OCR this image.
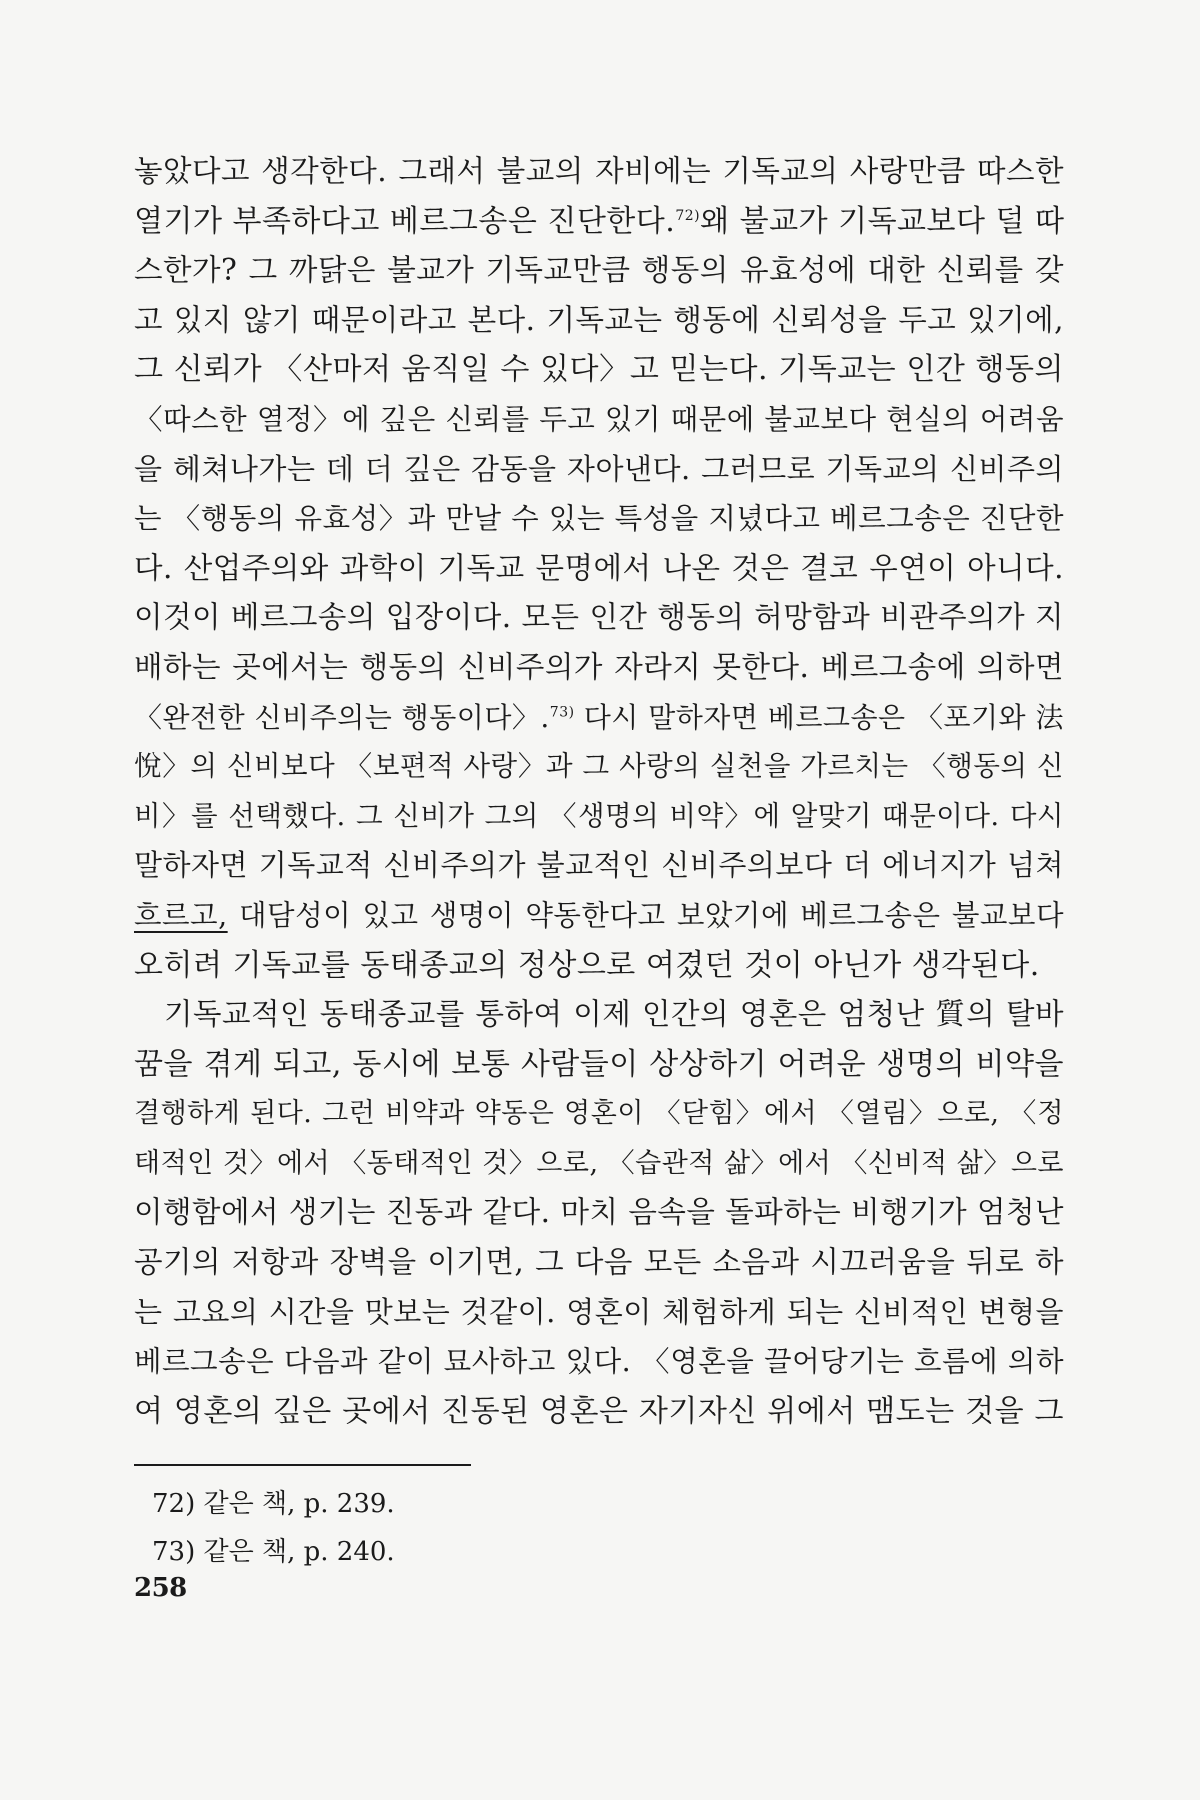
놓았다고 생각한다. 그래서 불교의 자비에는 기독교의 사랑만큼 따스한
열기가 부족하다고 베르그송은 진단한다.$^{72)}$ 왜 불교가 기독교보다 덜 따
스한가? 그 까닭은 불교가 기독교만큼 행동의 유효성에 대한 신뢰를 갖
고 있지 않기 때문이라고 본다. 기독교는 행동에 신뢰성을 두고 있기에,
그 신뢰가 〈산마저 움직일 수 있다〉고 믿는다. 기독교는 인간 행동의
〈따스한 열정〉에 깊은 신뢰를 두고 있기 때문에 불교보다 현실의 어려움
을 헤쳐나가는 데 더 깊은 감동을 자아낸다. 그러므로 기독교의 신비주의
는 〈행동의 유효성〉과 만날 수 있는 특성을 지녔다고 베르그송은 진단한
다. 산업주의와 과학이 기독교 문명에서 나온 것은 결코 우연이 아니다.
이것이 베르그송의 입장이다. 모든 인간 행동의 허망함과 비관주의가 지
배하는 곳에서는 행동의 신비주의가 자라지 못한다. 베르그송에 의하면
〈완전한 신비주의는 행동이다〉.$^{73)}$ 다시 말하자면 베르그송은 〈포기와 法
悅〉의 신비보다 〈보편적 사랑〉과 그 사랑의 실천을 가르치는 〈행동의 신
비〉를 선택했다. 그 신비가 그의 〈생명의 비약〉에 알맞기 때문이다. 다시
말하자면 기독교적 신비주의가 불교적인 신비주의보다 더 에너지가 넘쳐
흐르고, 대담성이 있고 생명이 약동한다고 보았기에 베르그송은 불교보다
오히려 기독교를 동태종교의 정상으로 여겼던 것이 아닌가 생각된다.
기독교적인 동태종교를 통하여 이제 인간의 영혼은 엄청난 質의 탈바
꿈을 겪게 되고, 동시에 보통 사람들이 상상하기 어려운 생명의 비약을
결행하게 된다. 그런 비약과 약동은 영혼이 〈닫힘〉에서 〈열림〉으로, 〈정
태적인 것〉에서 〈동태적인 것〉으로, 〈습관적 삶〉에서 〈신비적 삶〉으로
이행함에서 생기는 진동과 같다. 마치 음속을 돌파하는 비행기가 엄청난
공기의 저항과 장벽을 이기면, 그 다음 모든 소음과 시끄러움을 뒤로 하
는 고요의 시간을 맛보는 것같이. 영혼이 체험하게 되는 신비적인 변형을
베르그송은 다음과 같이 묘사하고 있다. 〈영혼을 끌어당기는 흐름에 의하
여 영혼의 깊은 곳에서 진동된 영혼은 자기자신 위에서 맴도는 것을 그
72) 같은 책, p. 239.
73) 같은 책, p. 240.
258
